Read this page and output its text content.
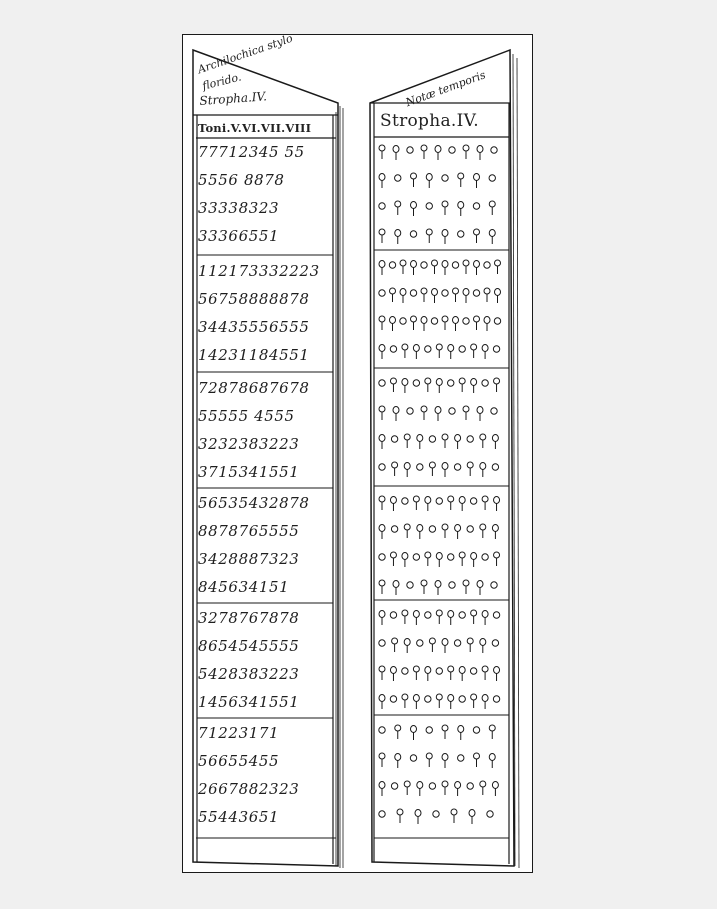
Archilochica stylo
florido.
Stropha.IV.
Toni.V.VI.VII.VIII
Notæ temporis
Stropha.IV.
77712345 55
5556 8878
33338323
33366551
112173332223
56758888878
34435556555
14231184551
72878687678
55555 4555
3232383223
3715341551
56535432878
8878765555
3428887323
845634151
3278767878
8654545555
5428383223
1456341551
71223171
56655455
2667882323
55443651
